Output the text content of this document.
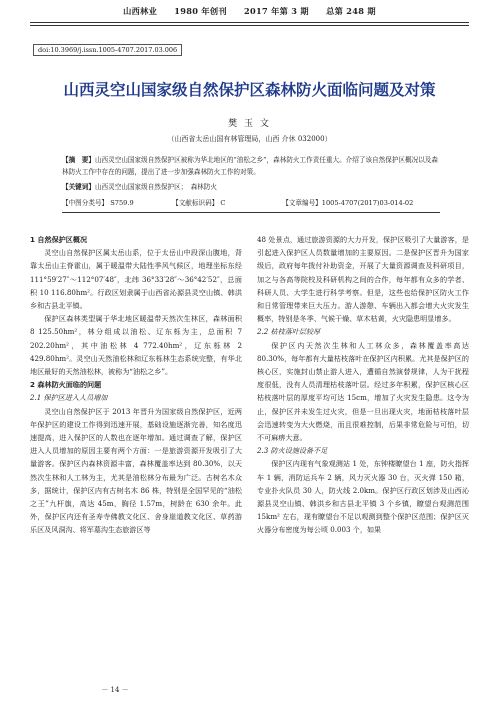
山西林业 1980 年创刊 2017 年第 3 期 总第 248 期
doi:10.3969/j.issn.1005-4707.2017.03.006
山西灵空山国家级自然保护区森林防火面临问题及对策
樊 玉 文
（山西省太岳山国有林管理局，山西 介休 032000）
【摘　要】山西灵空山国家级自然保护区被称为华北地区的“油松之乡”，森林防火工作责任重大。介绍了该自然保护区概况以及森林防火工作中存在的问题，提出了进一步加强森林防火工作的对策。
【关键词】山西灵空山国家级自然保护区；　森林防火
【中图分类号】 S759.9	【文献标识码】 C	【文章编号】1005-4707(2017)03-014-02

1 自然保护区概况

灵空山自然保护区属太岳山系，位于太岳山中段深山腹地，背靠太岳山主脊霍山，属于暖温带大陆性季风气候区，地理坐标东经 111°59′27″～112°07′48″，北纬 36°33′28″～36°42′52″，总面积 10 116.80hm²。行政区划隶属于山西省沁源县灵空山镇、韩洪乡和古县北平镇。

保护区森林类型属于华北地区暖温带天然次生林区，森林面积 8 125.50hm²，林分组成以油松、辽东栎为主，总面积 7 202.20hm²，其中油松林 4 772.40hm²，辽东栎林 2 429.80hm²。灵空山天然油松林和辽东栎林生态系统完整，有华北地区最好的天然油松林，被称为“油松之乡”。

2 森林防火面临的问题

2.1 保护区进入人员增加

灵空山自然保护区于 2013 年晋升为国家级自然保护区，近两年保护区的建设工作得到迅速开展，基础设施逐渐完善，知名度迅速提高，进入保护区的人数也在逐年增加。通过调查了解，保护区进入人员增加的原因主要有两个方面：一是旅游资源开发吸引了大量游客。保护区内森林资源丰富，森林覆盖率达到 80.30%，以天然次生林和人工林为主，尤其是油松林分布最为广泛。古树名木众多，据统计，保护区内有古树名木 86 株，特别是全国罕见的“油松之王”九杆旗，高达 45m，胸径 1.57m，树龄在 630 余年。此外，保护区内还有圣寿寺佛教文化区、舍身崖道教文化区、草药游乐区及风洞沟、将军墓沟生态旅游区等

48 处景点，通过旅游资源的大力开发，保护区吸引了大量游客，是引起进入保护区人员数量增加的主要原因。二是保护区晋升为国家级后，政府每年拨付补助资金，开展了大量资源调查及科研项目，加之与各高等院校及科研机构之间的合作，每年都有众多的学者、科研人员、大学生进行科学考察。但是，这些也给保护区防火工作和日常管理带来巨大压力。游人游憩、车辆出入都会增大火灾发生概率，特别是冬季、气候干燥、草木枯黄，火灾隐患明显增多。

2.2 枯枝落叶层较厚

保护区内天然次生林和人工林众多，森林覆盖率高达 80.30%，每年都有大量枯枝落叶在保护区内积累。尤其是保护区的核心区，实施封山禁止游人进入，遭循自然演替规律，人为干扰程度很低，没有人员清理枯枝落叶层。经过多年积累，保护区核心区枯枝落叶层的厚度平均可达 15cm，增加了火灾发生隐患。这令为止，保护区并未发生过火灾，但是一旦出现火灾，地面枯枝落叶层会迅速转变为大火燃烧，而且很难控制，后果非常危险与可怕，切不可麻痹大意。

2.3 防火设施设备不足

保护区内现有气象观测站 1 处，东钟楼瞭望台 1 座，防火指挥车 1 辆，消防运兵车 2 辆，风力灭火器 30 台，灭火弹 150 箱，专业扑火队员 30 人，防火线 2.0km。保护区行政区划涉及山西沁源县灵空山镇、韩洪乡和古县北平镇 3 个乡镇，瞭望台观测范围 15km² 左右，现有瞭望台不足以观测到整个保护区范围；保护区灭火器分布密度为每公顷 0.003 个，如果

－ 14 －
